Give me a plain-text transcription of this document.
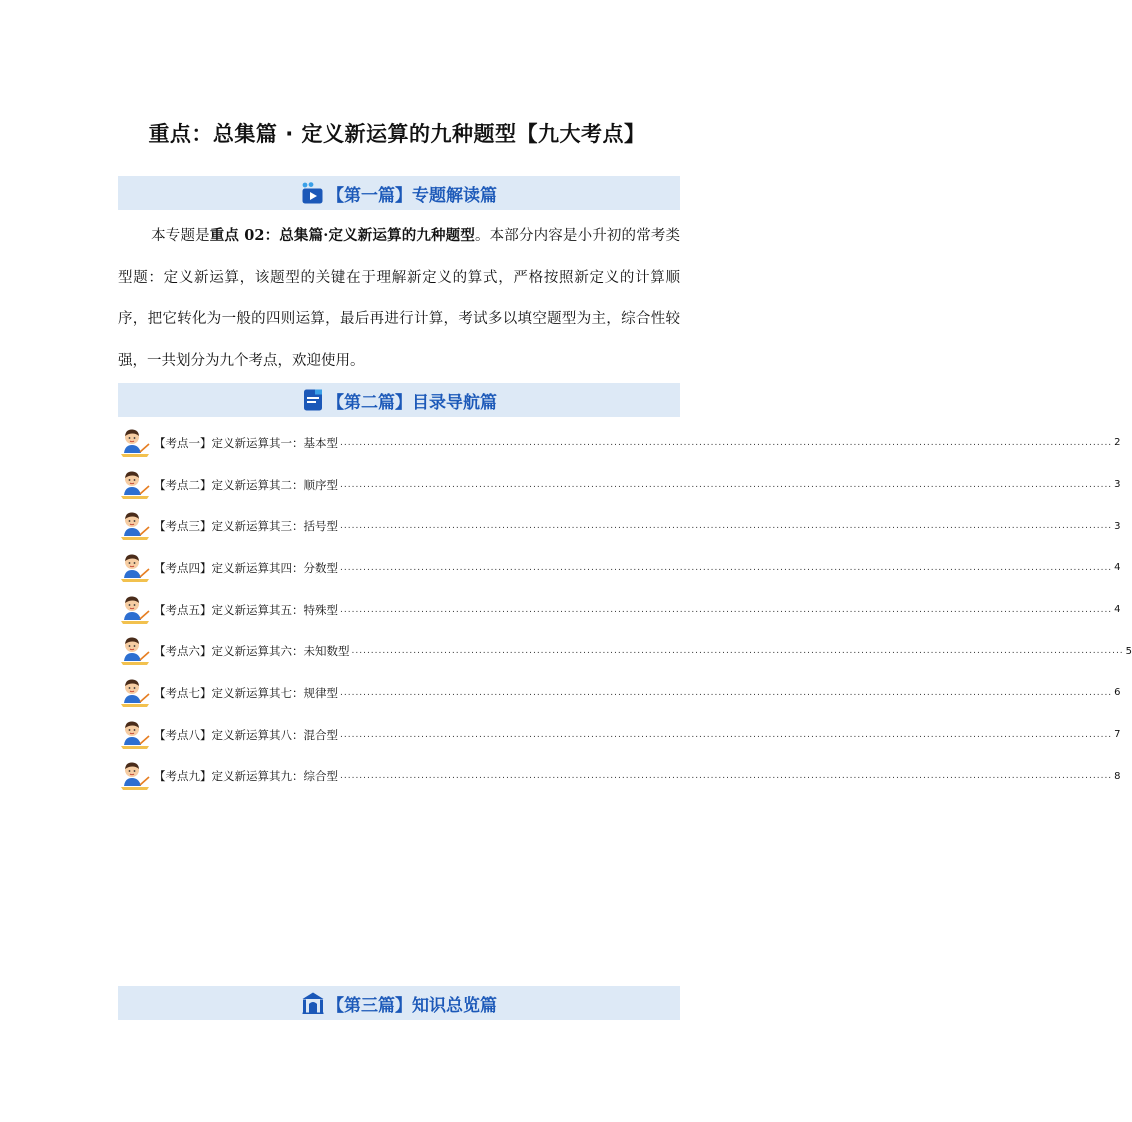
重点：总集篇 · 定义新运算的九种题型【九大考点】
【第一篇】专题解读篇

本专题是重点 02：总集篇·定义新运算的九种题型。本部分内容是小升初的常考类型题：定义新运算，该题型的关键在于理解新定义的算式，严格按照新定义的计算顺序，把它转化为一般的四则运算，最后再进行计算，考试多以填空题型为主，综合性较强，一共划分为九个考点，欢迎使用。

【第二篇】目录导航篇
【考点一】定义新运算其一：基本型 ........................................................................................................................................................................................................ 2
【考点二】定义新运算其二：顺序型 ........................................................................................................................................................................................................ 3
【考点三】定义新运算其三：括号型 ........................................................................................................................................................................................................ 3
【考点四】定义新运算其四：分数型 ........................................................................................................................................................................................................ 4
【考点五】定义新运算其五：特殊型 ........................................................................................................................................................................................................ 4
【考点六】定义新运算其六：未知数型 ........................................................................................................................................................................................................ 5
【考点七】定义新运算其七：规律型 ........................................................................................................................................................................................................ 6
【考点八】定义新运算其八：混合型 ........................................................................................................................................................................................................ 7
【考点九】定义新运算其九：综合型 ........................................................................................................................................................................................................ 8
【第三篇】知识总览篇
